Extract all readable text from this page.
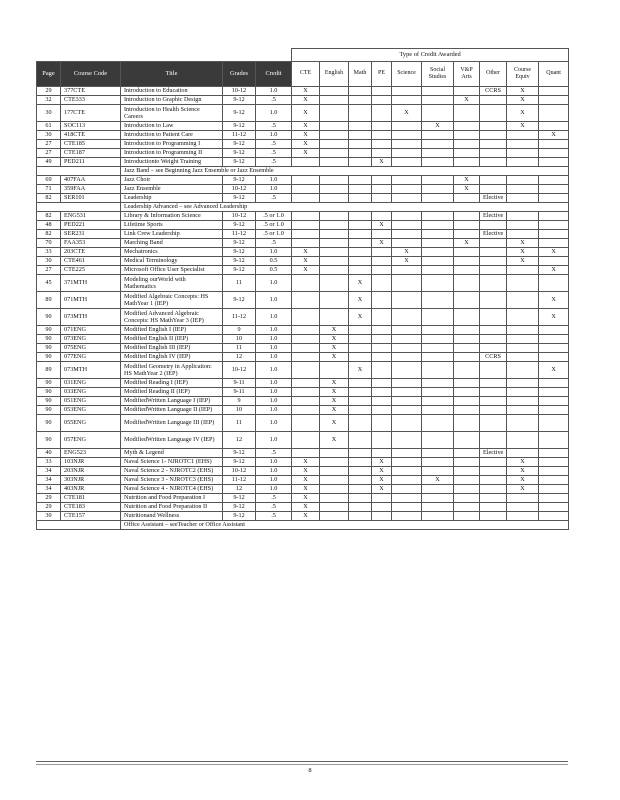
					Type of Credit Awarded									
Page	Course Code	Title	Grades	Credit	CTE	English	Math	PE	Science	Social Studies	V&P Arts	Other	Course Equiv	Quant
29	377CTE	Introduction to Education	10-12	1.0	X							CCRS	X	
32	CTE333	Introduction to Graphic Design	9-12	.5	X						X		X	
30	177CTE	Introduction to Health Science Careers	9-12	1.0	X				X				X	
61	SOC113	Introduction to Law	9-12	.5	X					X			X	
30	418CTE	Introduction to Patient Care	11-12	1.0	X									X
27	CTE185	Introduction to Programming I	9-12	.5	X									
27	CTE187	Introduction to Programming II	9-12	.5	X									
49	PED211	Introductionto Weight Training	9-12	.5				X						
		Jazz Band – see Beginning Jazz Ensemble or Jazz Ensemble												
69	407FAA	Jazz Choir	9-12	1.0							X			
71	359FAA	Jazz Ensemble	10-12	1.0							X			
82	SER101	Leadership	9-12	.5								Elective		
		Leadership Advanced – see Advanced Leadership												
82	ENG531	Library & Information Science	10-12	.5 or 1.0								Elective		
48	PED221	Lifetime Sports	9-12	.5 or 1.0				X						
82	SER231	Link Crew Leadership	11-12	.5 or 1.0								Elective		
70	FAA353	Marching Band	9-12	.5				X			X		X	
33	203CTE	Mechatronics	9-12	1.0	X				X				X	X
30	CTE461	Medical Terminology	9-12	0.5	X				X				X	
27	CTE225	Microsoft Office User Specialist	9-12	0.5	X									X
45	371MTH	Modeling ourWorld with Mathematics	11	1.0			X							
89	071MTH	Modified Algebraic Concepts: HS MathYear 1 (IEP)	9-12	1.0			X							X
90	073MTH	Modified Advanced Algebraic Concepts: HS MathYear 3 (IEP)	11-12	1.0			X							X
90	071ENG	Modified English I (IEP)	9	1.0		X								
90	073ENG	Modified English II (IEP)	10	1.0		X								
90	075ENG	Modified English III (IEP)	11	1.0		X								
90	077ENG	Modified English IV (IEP)	12	1.0		X						CCRS		
89	073MTH	Modified Geometry in Application: HS MathYear 2 (IEP)	10-12	1.0			X							X
90	031ENG	Modified Reading I (IEP)	9-11	1.0		X								
90	033ENG	Modified Reading II (IEP)	9-11	1.0		X								
90	051ENG	ModifiedWritten Language I (IEP)	9	1.0		X								
90	053ENG	ModifiedWritten Language II (IEP)	10	1.0		X								
90	055ENG	ModifiedWritten Language III (IEP)	11	1.0		X								
90	057ENG	ModifiedWritten Language IV (IEP)	12	1.0		X								
40	ENG523	Myth & Legend	9-12	.5								Elective		
33	103NJR	Naval Science 1- NJROTC1 (EHS)	9-12	1.0	X			X					X	
34	203NJR	Naval Science 2 - NJROTC2 (EHS)	10-12	1.0	X			X					X	
34	303NJR	Naval Science 3 - NJROTC3 (EHS)	11-12	1.0	X			X		X			X	
34	403NJR	Naval Science 4 - NJROTC4 (EHS)	12	1.0	X			X					X	
29	CTE181	Nutrition and Food Preparation I	9-12	.5	X									
29	CTE183	Nutrition and Food Preparation II	9-12	.5	X									
30	CTE157	Nutritionand Wellness	9-12	.5	X									
		Office Assistant – seeTeacher or Office Assistant												
8
